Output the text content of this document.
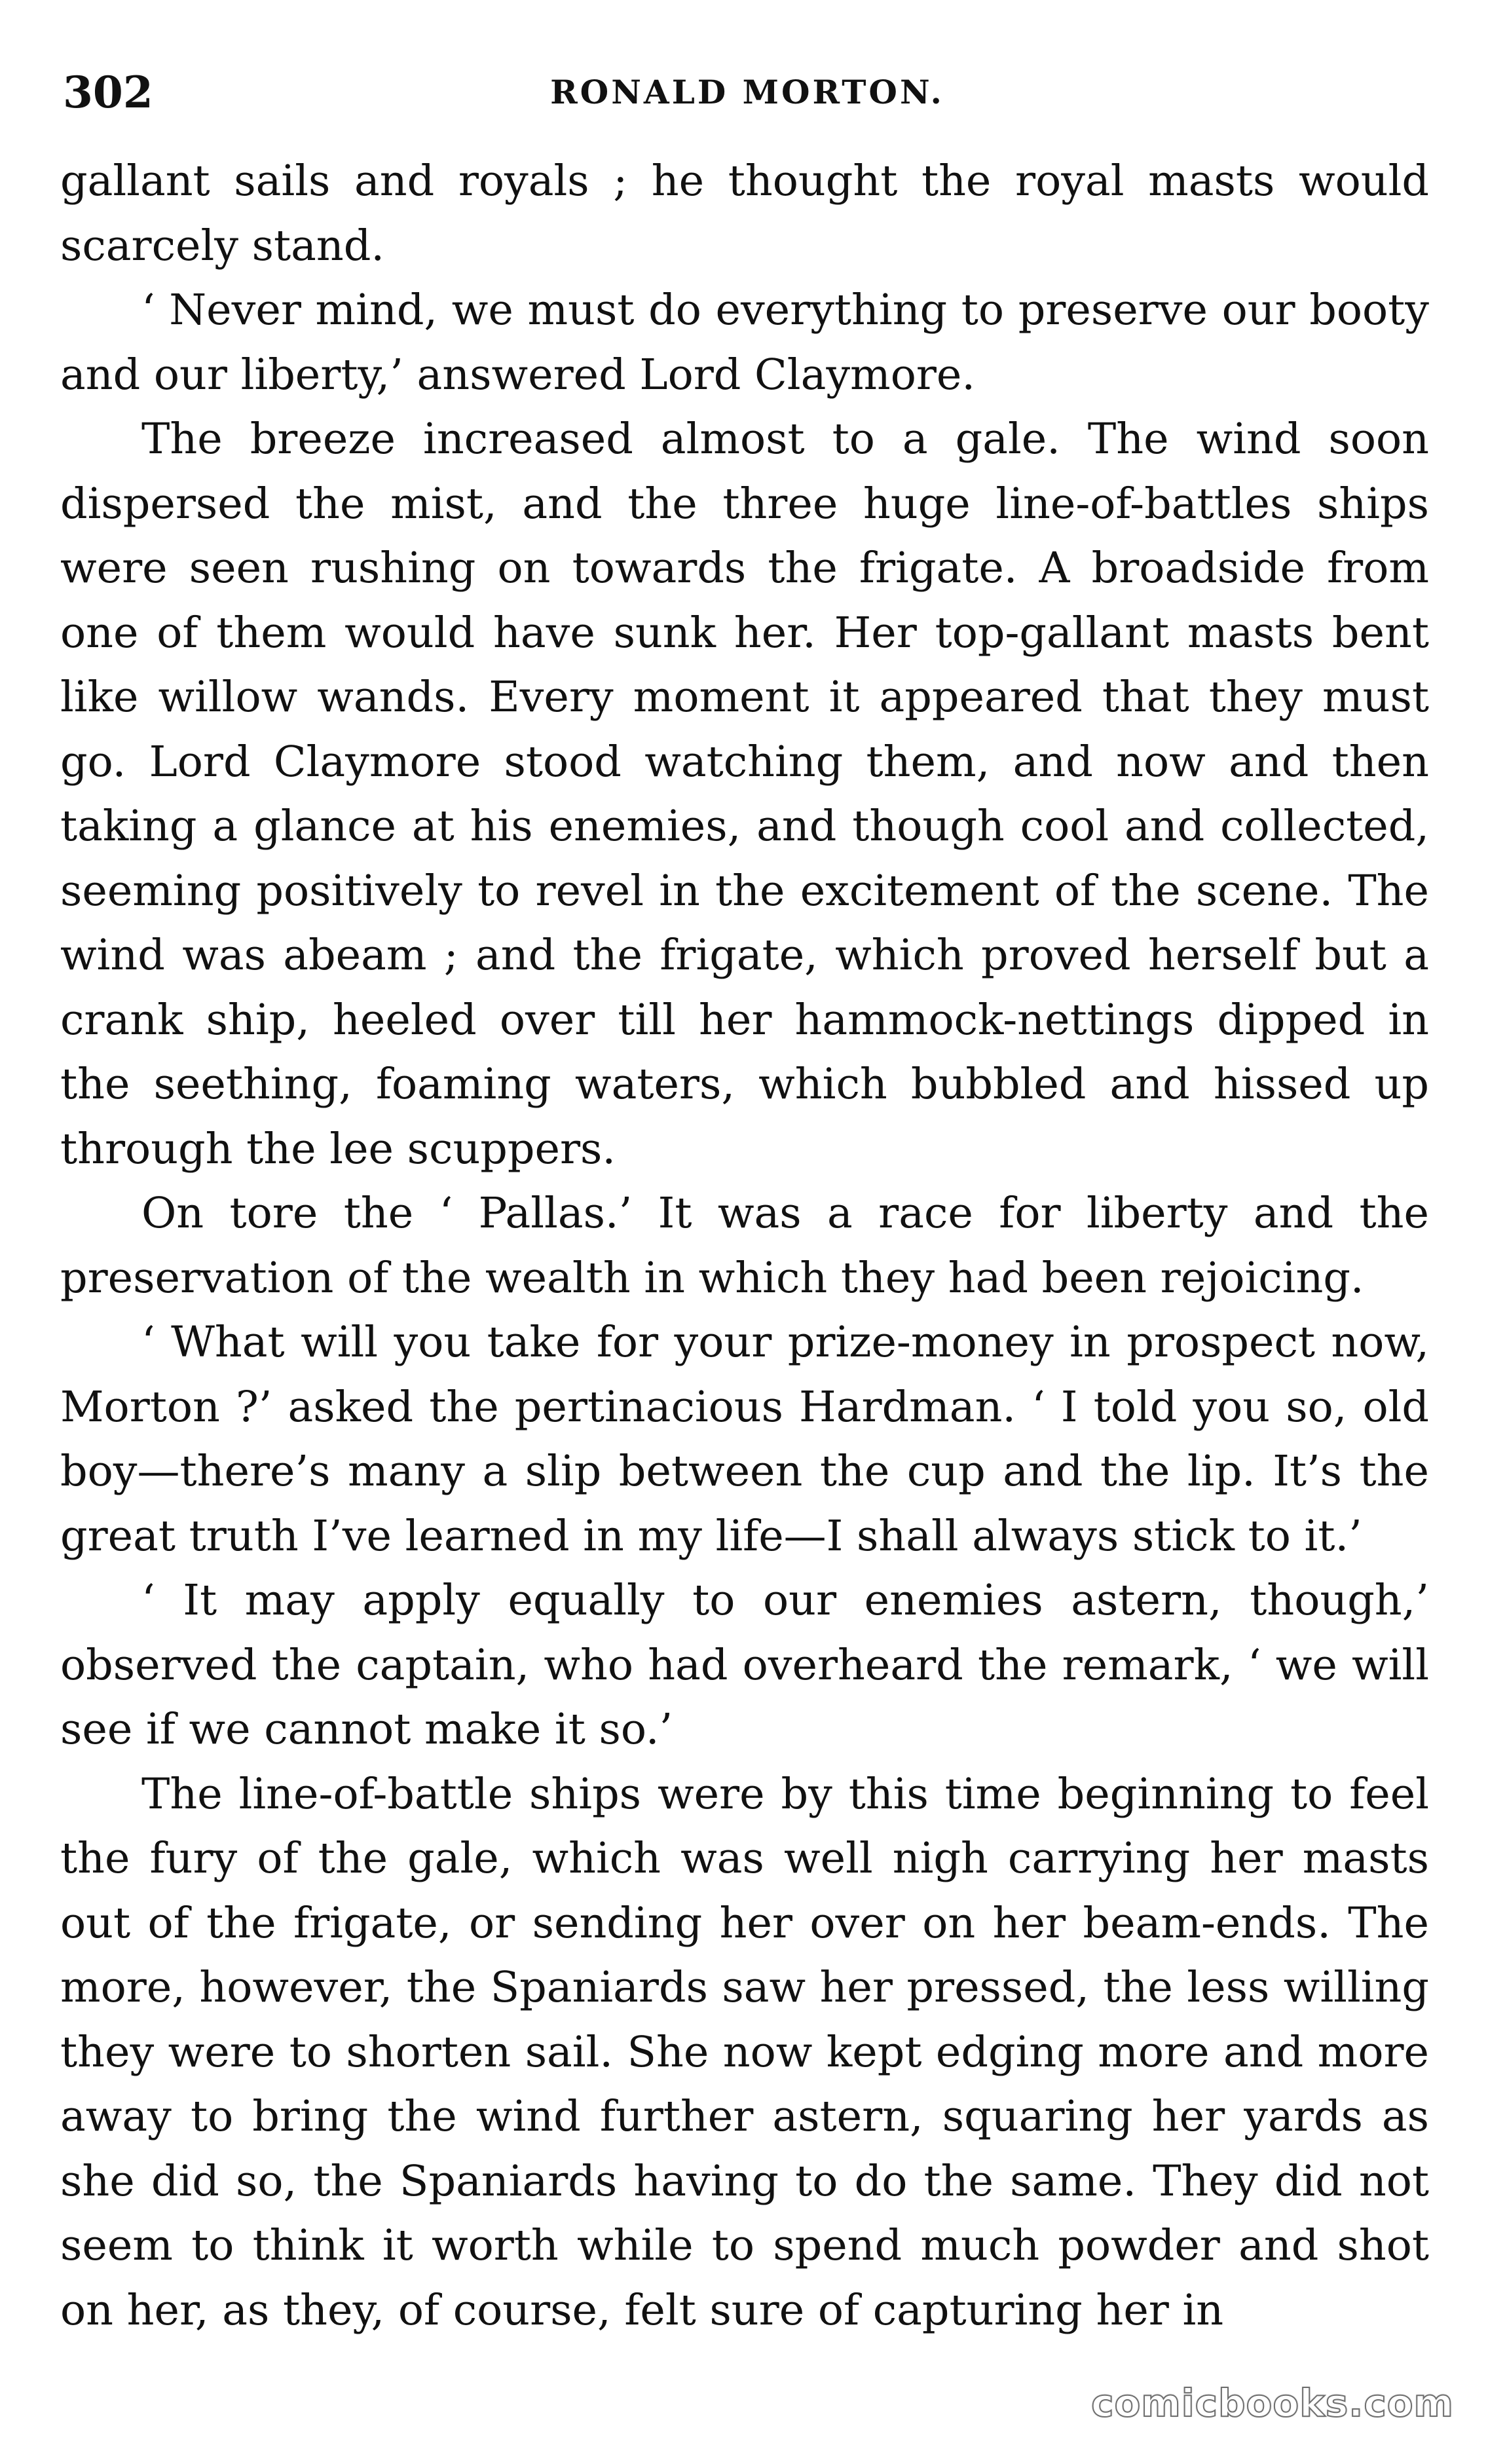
302	RONALD MORTON.

gallant sails and royals ; he thought the royal masts would scarcely stand.

‘ Never mind, we must do everything to preserve our booty and our liberty,’ answered Lord Claymore.

The breeze increased almost to a gale. The wind soon dispersed the mist, and the three huge line-of-battles ships were seen rushing on towards the frigate. A broadside from one of them would have sunk her. Her top-gallant masts bent like willow wands. Every moment it appeared that they must go. Lord Claymore stood watching them, and now and then taking a glance at his enemies, and though cool and collected, seeming positively to revel in the excitement of the scene. The wind was abeam ; and the frigate, which proved herself but a crank ship, heeled over till her hammock-nettings dipped in the seething, foaming waters, which bubbled and hissed up through the lee scuppers.

On tore the ‘ Pallas.’ It was a race for liberty and the preservation of the wealth in which they had been rejoicing.

‘ What will you take for your prize-money in prospect now, Morton ?’ asked the pertinacious Hardman. ‘ I told you so, old boy—there’s many a slip between the cup and the lip. It’s the great truth I’ve learned in my life—I shall always stick to it.’

‘ It may apply equally to our enemies astern, though,’ observed the captain, who had overheard the remark, ‘ we will see if we cannot make it so.’

The line-of-battle ships were by this time beginning to feel the fury of the gale, which was well nigh carrying her masts out of the frigate, or sending her over on her beam-ends. The more, however, the Spaniards saw her pressed, the less willing they were to shorten sail. She now kept edging more and more away to bring the wind further astern, squaring her yards as she did so, the Spaniards having to do the same. They did not seem to think it worth while to spend much powder and shot on her, as they, of course, felt sure of capturing her in

comicbooks.com
